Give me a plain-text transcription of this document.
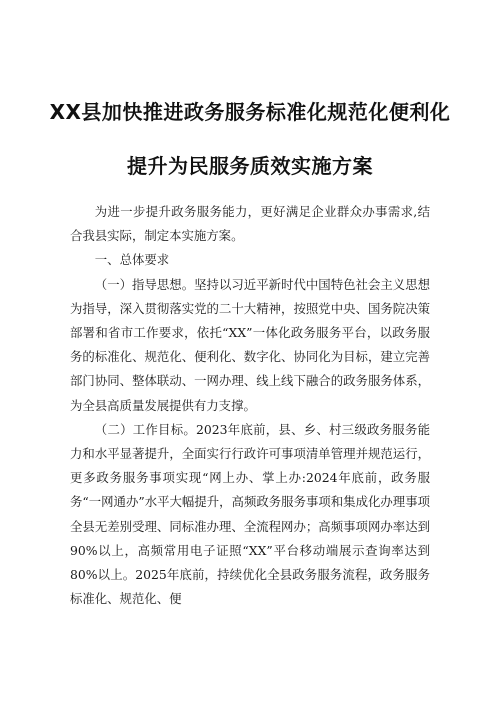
XX县加快推进政务服务标准化规范化便利化
提升为民服务质效实施方案

为进一步提升政务服务能力，更好满足企业群众办事需求,结合我县实际，制定本实施方案。

一、总体要求

（一）指导思想。坚持以习近平新时代中国特色社会主义思想为指导，深入贯彻落实党的二十大精神，按照党中央、国务院决策部署和省市工作要求，依托“XX”一体化政务服务平台，以政务服务的标准化、规范化、便利化、数字化、协同化为目标，建立完善部门协同、整体联动、一网办理、线上线下融合的政务服务体系，为全县高质量发展提供有力支撑。

（二）工作目标。2023年底前，县、乡、村三级政务服务能力和水平显著提升，全面实行行政许可事项清单管理并规范运行，更多政务服务事项实现“网上办、掌上办:2024年底前，政务服务“一网通办”水平大幅提升，高频政务服务事项和集成化办理事项全县无差别受理、同标准办理、全流程网办；高频事项网办率达到90%以上，高频常用电子证照“XX”平台移动端展示查询率达到80%以上。2025年底前，持续优化全县政务服务流程，政务服务标准化、规范化、便
